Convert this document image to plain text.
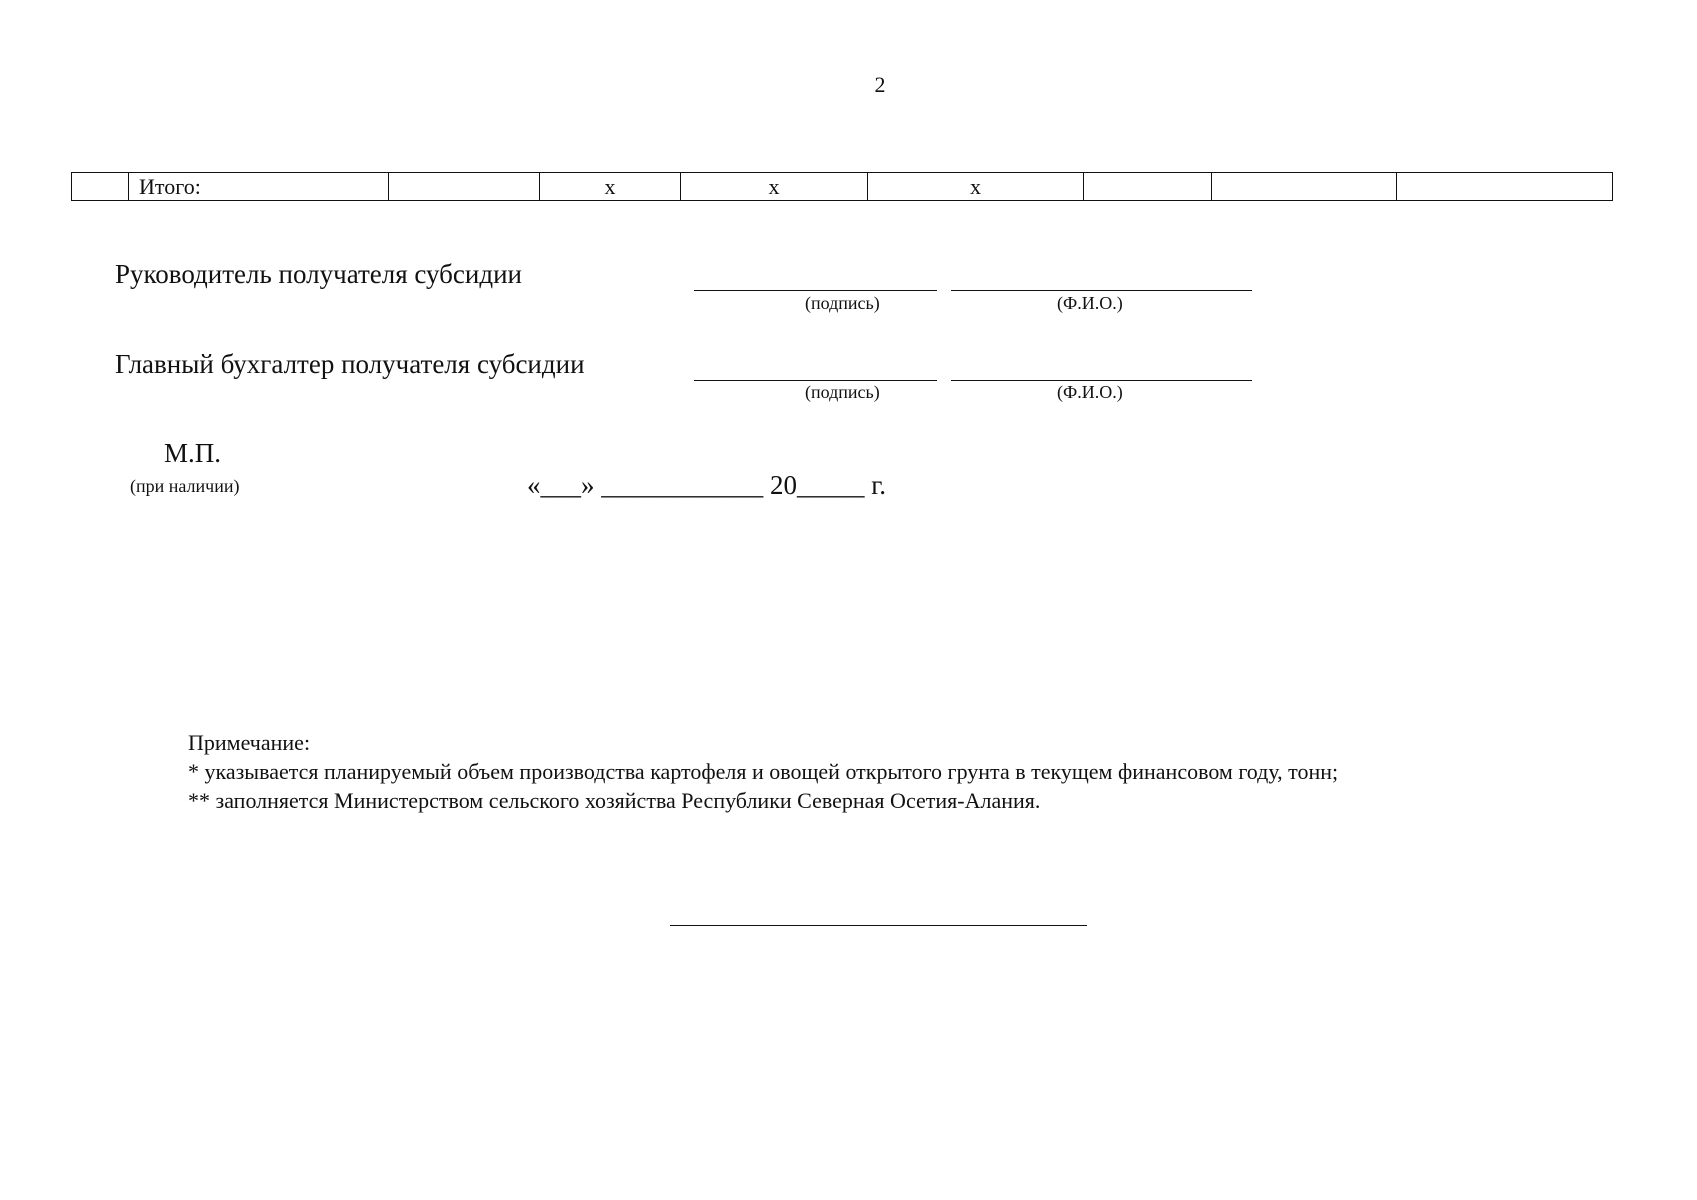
2
	Итого:		х	х	х			
Руководитель получателя субсидии
(подпись)	(Ф.И.О.)
Главный бухгалтер получателя субсидии
(подпись)	(Ф.И.О.)
М.П.
(при наличии)	«___» ____________ 20_____ г.
Примечание:
* указывается планируемый объем производства картофеля и овощей открытого грунта в текущем финансовом году, тонн;
** заполняется Министерством сельского хозяйства Республики Северная Осетия-Алания.
